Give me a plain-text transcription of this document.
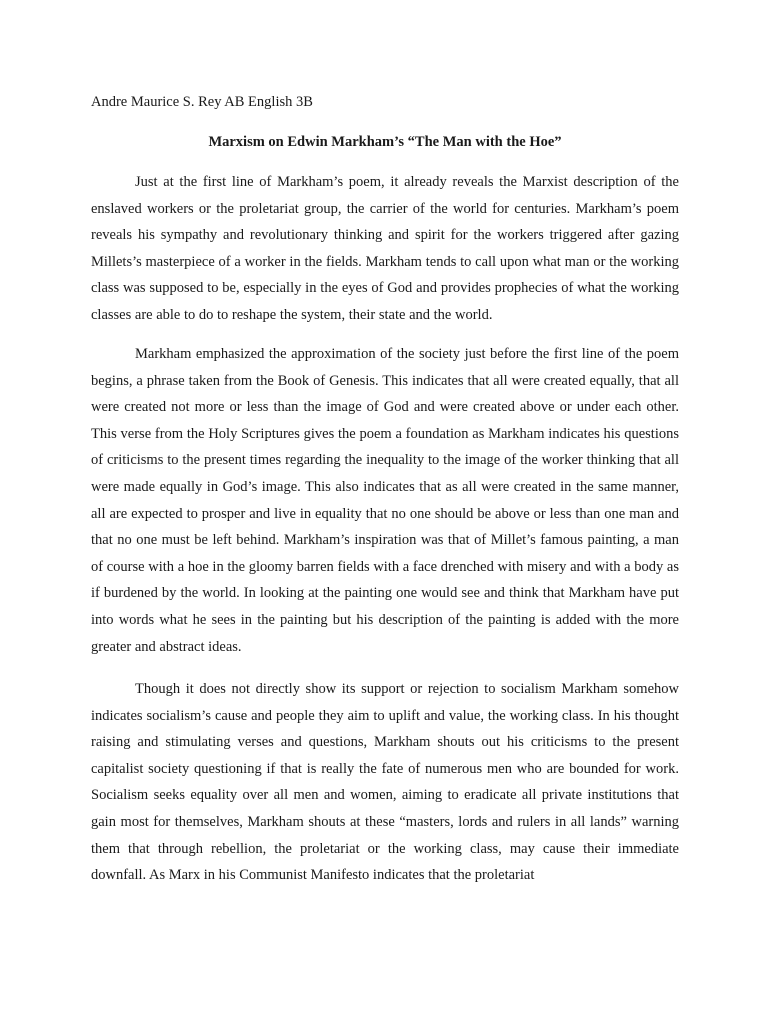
Andre Maurice S. Rey AB English 3B
Marxism on Edwin Markham’s “The Man with the Hoe”

Just at the first line of Markham’s poem, it already reveals the Marxist description of the enslaved workers or the proletariat group, the carrier of the world for centuries. Markham’s poem reveals his sympathy and revolutionary thinking and spirit for the workers triggered after gazing Millets’s masterpiece of a worker in the fields. Markham tends to call upon what man or the working class was supposed to be, especially in the eyes of God and provides prophecies of what the working classes are able to do to reshape the system, their state and the world.

Markham emphasized the approximation of the society just before the first line of the poem begins, a phrase taken from the Book of Genesis. This indicates that all were created equally, that all were created not more or less than the image of God and were created above or under each other. This verse from the Holy Scriptures gives the poem a foundation as Markham indicates his questions of criticisms to the present times regarding the inequality to the image of the worker thinking that all were made equally in God’s image. This also indicates that as all were created in the same manner, all are expected to prosper and live in equality that no one should be above or less than one man and that no one must be left behind. Markham’s inspiration was that of Millet’s famous painting, a man of course with a hoe in the gloomy barren fields with a face drenched with misery and with a body as if burdened by the world. In looking at the painting one would see and think that Markham have put into words what he sees in the painting but his description of the painting is added with the more greater and abstract ideas.

Though it does not directly show its support or rejection to socialism Markham somehow indicates socialism’s cause and people they aim to uplift and value, the working class. In his thought raising and stimulating verses and questions, Markham shouts out his criticisms to the present capitalist society questioning if that is really the fate of numerous men who are bounded for work. Socialism seeks equality over all men and women, aiming to eradicate all private institutions that gain most for themselves, Markham shouts at these “masters, lords and rulers in all lands” warning them that through rebellion, the proletariat or the working class, may cause their immediate downfall. As Marx in his Communist Manifesto indicates that the proletariat
